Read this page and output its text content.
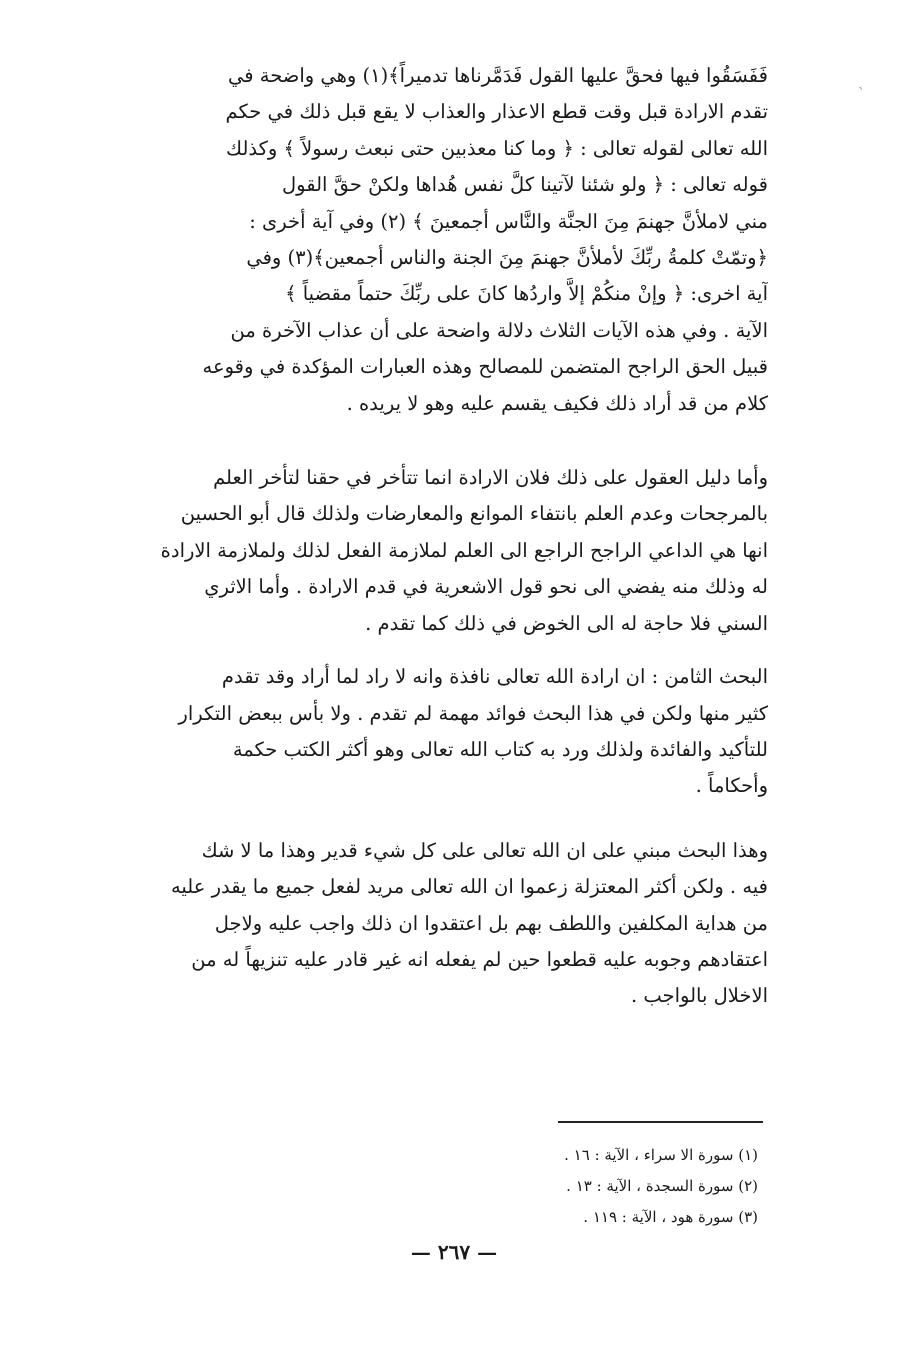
ˋ

فَفَسَقُوا فيها فحقَّ عليها القول فَدَمَّرناها تدميراً﴾(١) وهي واضحة في
تقدم الارادة قبل وقت قطع الاعذار والعذاب لا يقع قبل ذلك في حكم
الله تعالى لقوله تعالى : ﴿ وما كنا معذبين حتى نبعث رسولاً ﴾ وكذلك
قوله تعالى : ﴿ ولو شئنا لآتينا كلَّ نفس هُداها ولكنْ حقَّ القول
مني لاملأنَّ جهنمَ مِنَ الجنَّة والنَّاس أجمعينَ ﴾ (٢) وفي آية أخرى :
﴿وتمّتْ كلمةُ ربِّكَ لأملأنَّ جهنمَ مِنَ الجنة والناس أجمعين﴾(٣) وفي
آية اخرى: ﴿ وإنْ منكُمْ إلاَّ واردُها كانَ على ربِّكَ حتماً مقضياً ﴾
الآية . وفي هذه الآيات الثلاث دلالة واضحة على أن عذاب الآخرة من
قبيل الحق الراجح المتضمن للمصالح وهذه العبارات المؤكدة في وقوعه
كلام من قد أراد ذلك فكيف يقسم عليه وهو لا يريده .

وأما دليل العقول على ذلك فلان الارادة انما تتأخر في حقنا لتأخر العلم
بالمرجحات وعدم العلم بانتفاء الموانع والمعارضات ولذلك قال أبو الحسين
انها هي الداعي الراجح الراجع الى العلم لملازمة الفعل لذلك ولملازمة الارادة
له وذلك منه يفضي الى نحو قول الاشعرية في قدم الارادة . وأما الاثري
السني فلا حاجة له الى الخوض في ذلك كما تقدم .

البحث الثامن : ان ارادة الله تعالى نافذة وانه لا راد لما أراد وقد تقدم
كثير منها ولكن في هذا البحث فوائد مهمة لم تقدم . ولا بأس ببعض التكرار
للتأكيد والفائدة ولذلك ورد به كتاب الله تعالى وهو أكثر الكتب حكمة
وأحكاماً .

وهذا البحث مبني على ان الله تعالى على كل شيء قدير وهذا ما لا شك
فيه . ولكن أكثر المعتزلة زعموا ان الله تعالى مريد لفعل جميع ما يقدر عليه
من هداية المكلفين واللطف بهم بل اعتقدوا ان ذلك واجب عليه ولاجل
اعتقادهم وجوبه عليه قطعوا حين لم يفعله انه غير قادر عليه تنزيهاً له من
الاخلال بالواجب .

(١) سورة الا سراء ، الآية : ١٦ .
(٢) سورة السجدة ، الآية : ١٣ .
(٣) سورة هود ، الآية : ١١٩ .
— ٢٦٧ —
